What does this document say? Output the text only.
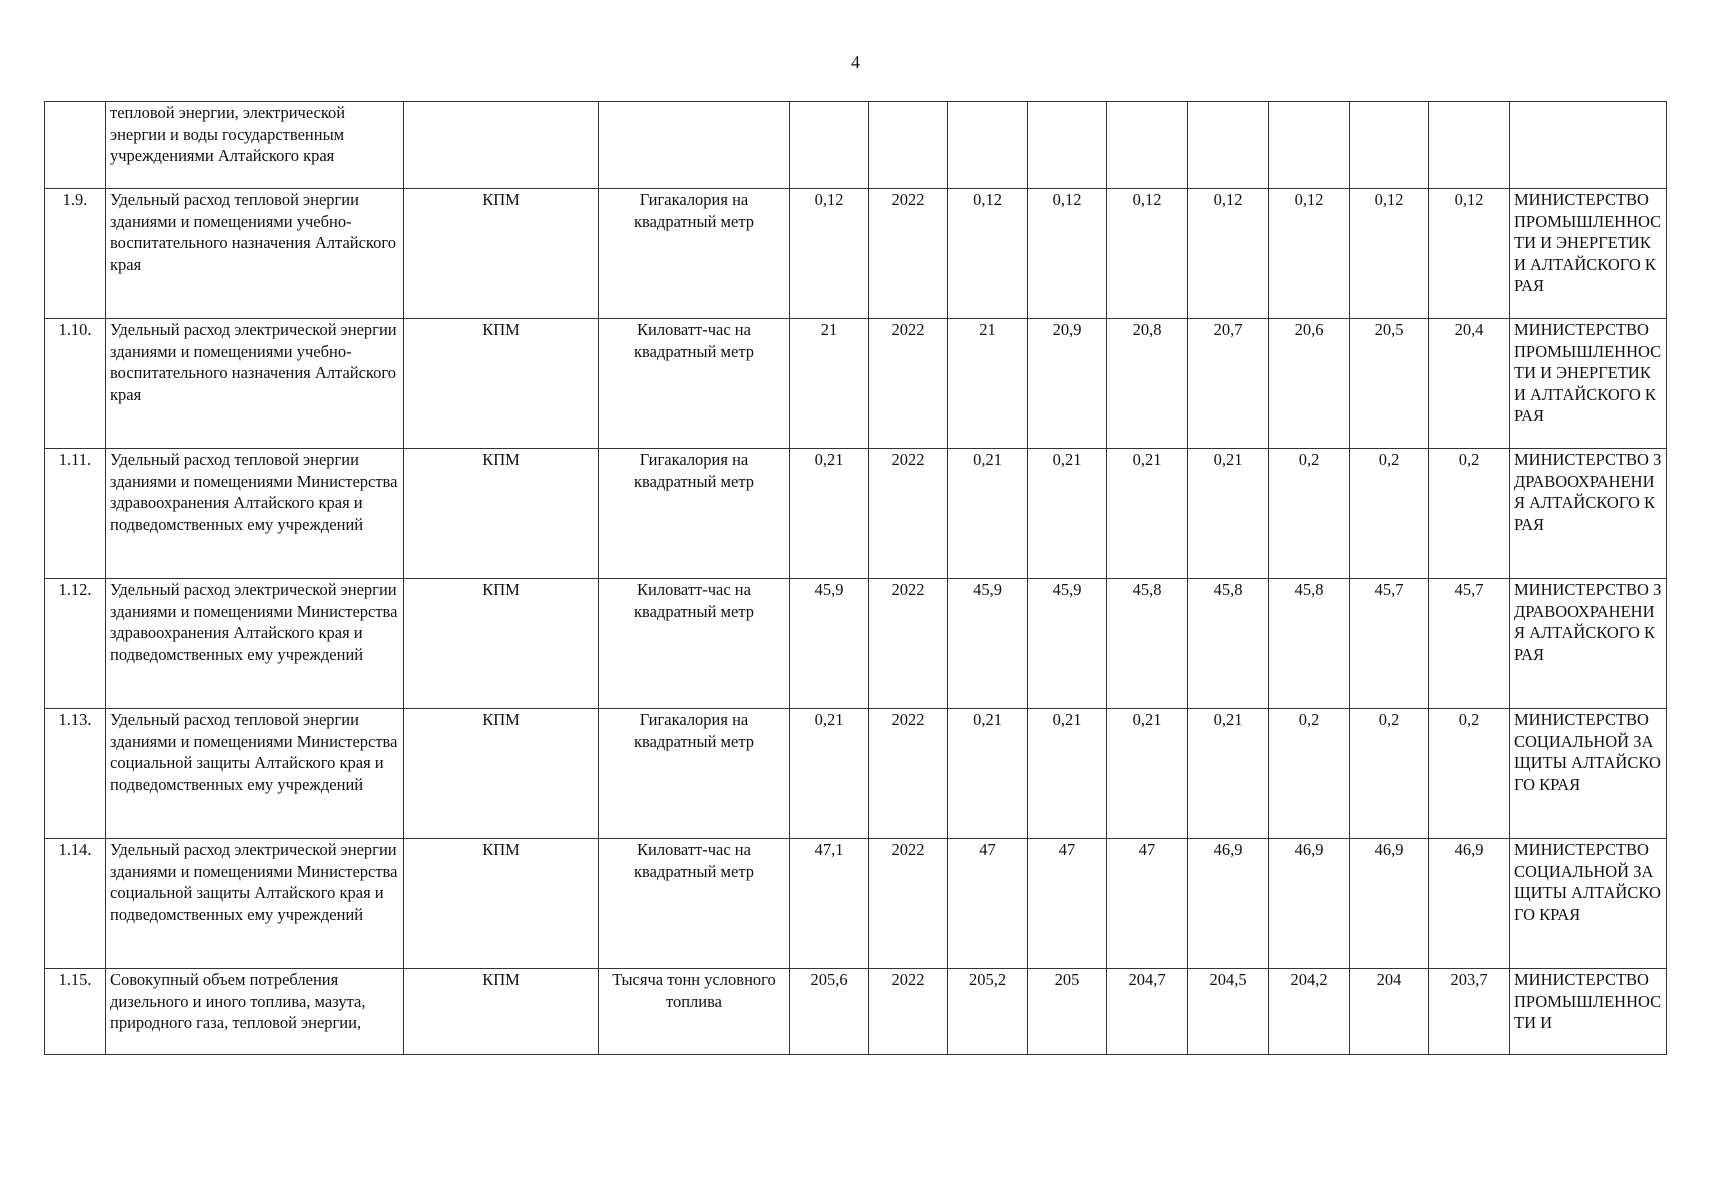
4
	тепловой энергии, электрической энергии и воды государственным учреждениями Алтайского края												
1.9.	Удельный расход тепловой энергии зданиями и помещениями учебно-воспитательного назначения Алтайского края	КПМ	Гигакалория на квадратный метр	0,12	2022	0,12	0,12	0,12	0,12	0,12	0,12	0,12	МИНИСТЕРСТВО ПРОМЫШЛЕННОСТИ И ЭНЕРГЕТИКИ АЛТАЙСКОГО КРАЯ
1.10.	Удельный расход электрической энергии зданиями и помещениями учебно-воспитательного назначения Алтайского края	КПМ	Киловатт-час на квадратный метр	21	2022	21	20,9	20,8	20,7	20,6	20,5	20,4	МИНИСТЕРСТВО ПРОМЫШЛЕННОСТИ И ЭНЕРГЕТИКИ АЛТАЙСКОГО КРАЯ
1.11.	Удельный расход тепловой энергии зданиями и помещениями Министерства здравоохранения Алтайского края и подведомственных ему учреждений	КПМ	Гигакалория на квадратный метр	0,21	2022	0,21	0,21	0,21	0,21	0,2	0,2	0,2	МИНИСТЕРСТВО ЗДРАВООХРАНЕНИЯ АЛТАЙСКОГО КРАЯ
1.12.	Удельный расход электрической энергии зданиями и помещениями Министерства здравоохранения Алтайского края и подведомственных ему учреждений	КПМ	Киловатт-час на квадратный метр	45,9	2022	45,9	45,9	45,8	45,8	45,8	45,7	45,7	МИНИСТЕРСТВО ЗДРАВООХРАНЕНИЯ АЛТАЙСКОГО КРАЯ
1.13.	Удельный расход тепловой энергии зданиями и помещениями Министерства социальной защиты Алтайского края и подведомственных ему учреждений	КПМ	Гигакалория на квадратный метр	0,21	2022	0,21	0,21	0,21	0,21	0,2	0,2	0,2	МИНИСТЕРСТВО СОЦИАЛЬНОЙ ЗАЩИТЫ АЛТАЙСКОГО КРАЯ
1.14.	Удельный расход электрической энергии зданиями и помещениями Министерства социальной защиты Алтайского края и подведомственных ему учреждений	КПМ	Киловатт-час на квадратный метр	47,1	2022	47	47	47	46,9	46,9	46,9	46,9	МИНИСТЕРСТВО СОЦИАЛЬНОЙ ЗАЩИТЫ АЛТАЙСКОГО КРАЯ
1.15.	Совокупный объем потребления дизельного и иного топлива, мазута, природного газа, тепловой энергии,	КПМ	Тысяча тонн условного топлива	205,6	2022	205,2	205	204,7	204,5	204,2	204	203,7	МИНИСТЕРСТВО ПРОМЫШЛЕННОСТИ И
